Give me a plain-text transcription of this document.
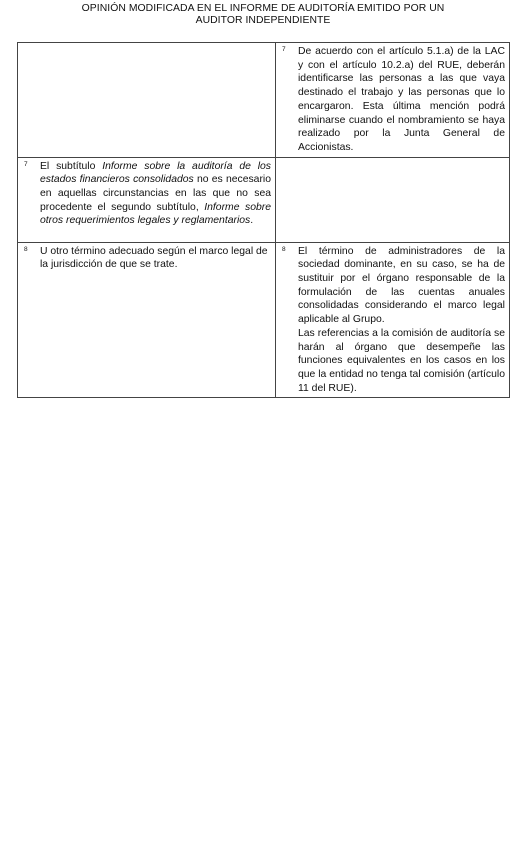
OPINIÓN MODIFICADA EN EL INFORME DE AUDITORÍA EMITIDO POR UN
AUDITOR INDEPENDIENTE

	7 De acuerdo con el artículo 5.1.a) de la LAC y con el artículo 10.2.a) del RUE, deberán identificarse las personas a las que vaya destinado el trabajo y las personas que lo encargaron. Esta última mención podrá eliminarse cuando el nombramiento se haya realizado por la Junta General de Accionistas.

7 El subtítulo Informe sobre la auditoría de los estados financieros consolidados no es necesario en aquellas circunstancias en las que no sea procedente el segundo subtítulo, Informe sobre otros requerimientos legales y reglamentarios.	

8 U otro término adecuado según el marco legal de la jurisdicción de que se trate.	8 El término de administradores de la sociedad dominante, en su caso, se ha de sustituir por el órgano responsable de la formulación de las cuentas anuales consolidadas considerando el marco legal aplicable al Grupo.
Las referencias a la comisión de auditoría se harán al órgano que desempeñe las funciones equivalentes en los casos en los que la entidad no tenga tal comisión (artículo 11 del RUE).
